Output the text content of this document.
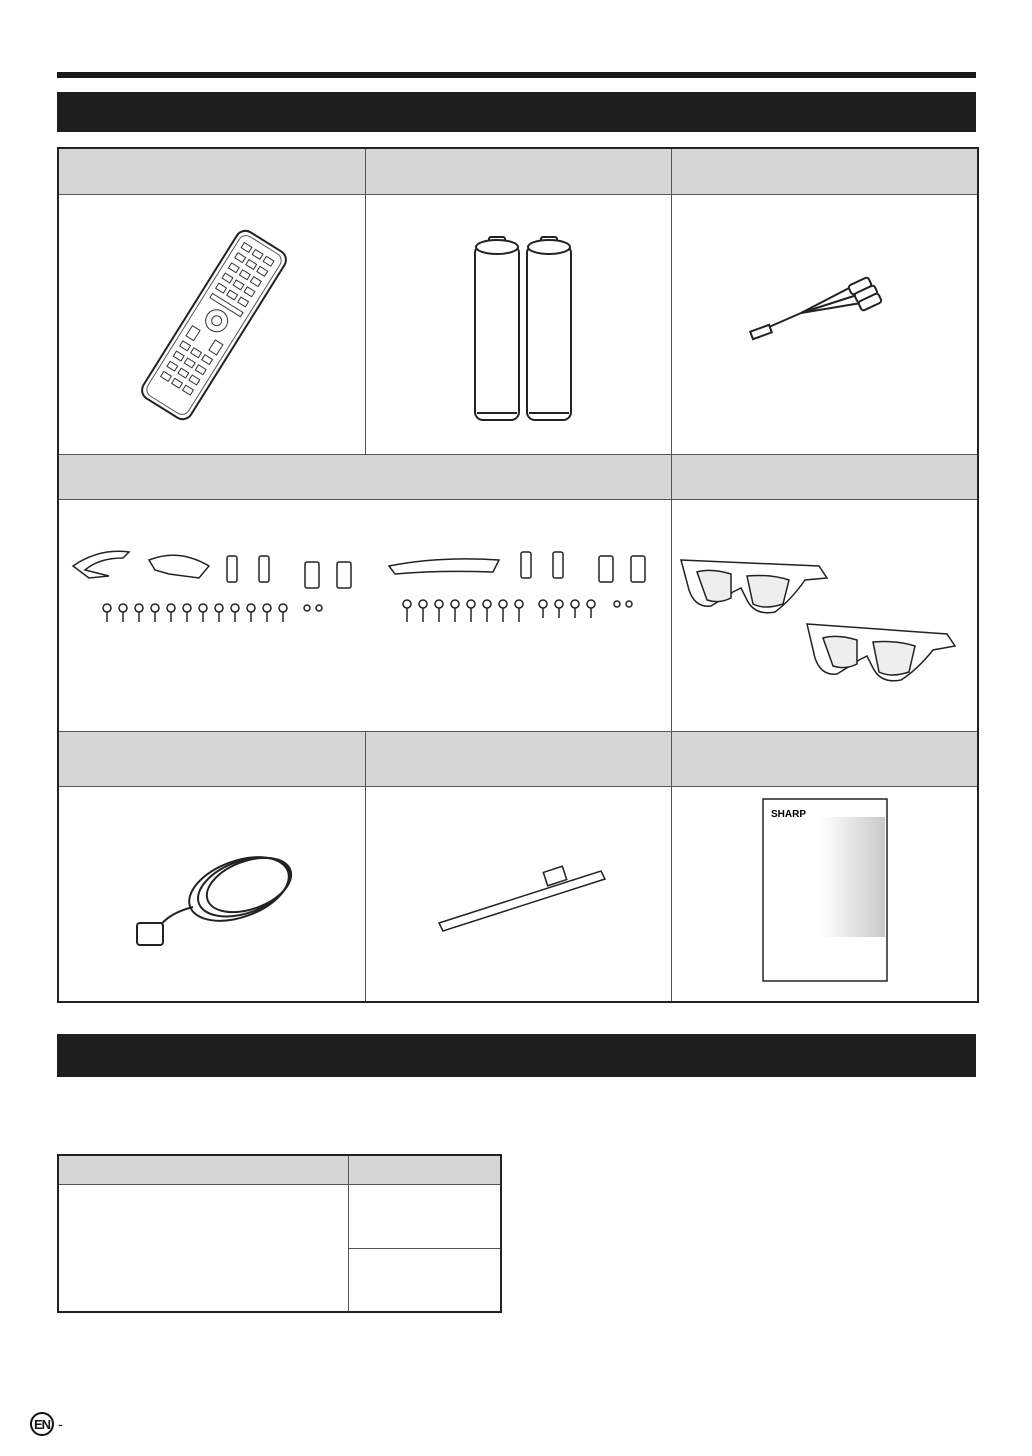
SHARP
EN -
